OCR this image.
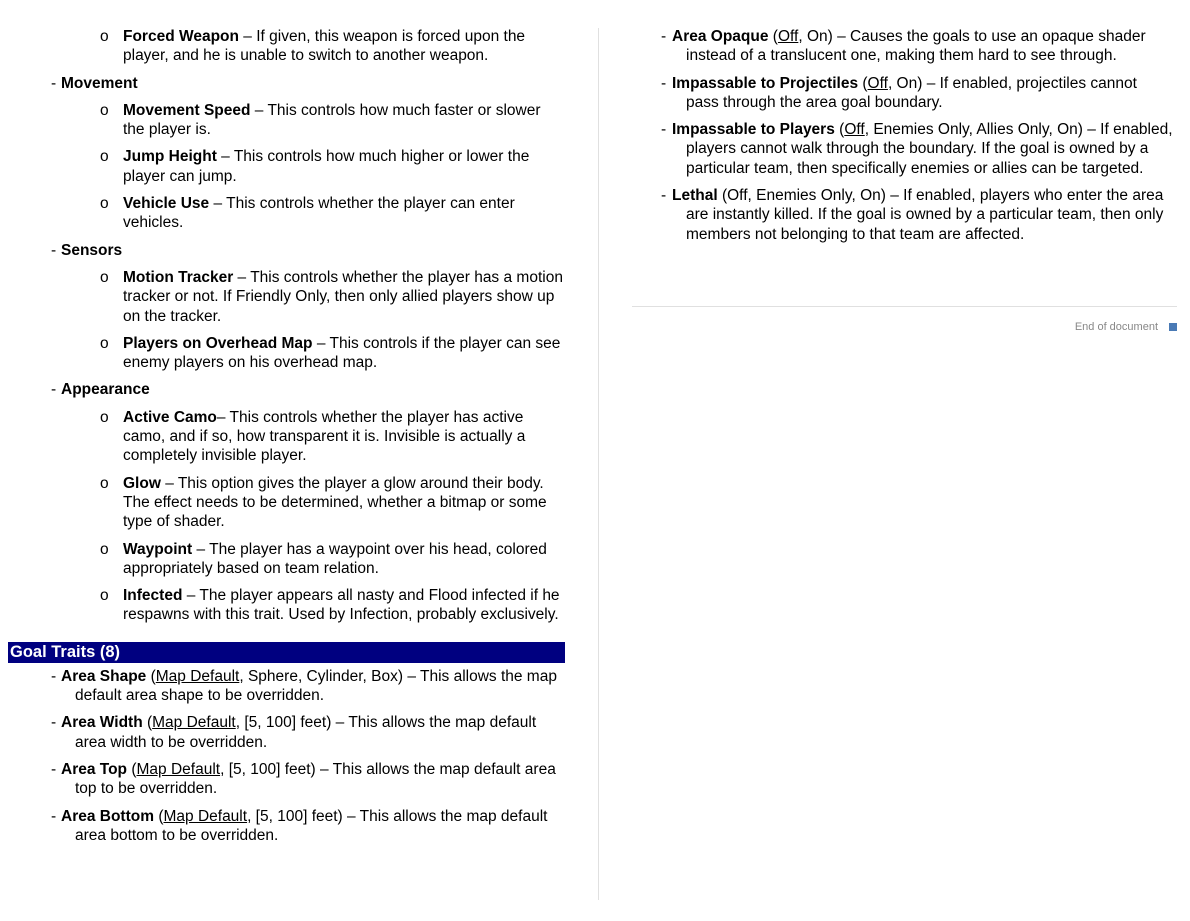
o Forced Weapon – If given, this weapon is forced upon the player, and he is unable to switch to another weapon.
- Movement
o Movement Speed – This controls how much faster or slower the player is.
o Jump Height – This controls how much higher or lower the player can jump.
o Vehicle Use – This controls whether the player can enter vehicles.
- Sensors
o Motion Tracker – This controls whether the player has a motion tracker or not. If Friendly Only, then only allied players show up on the tracker.
o Players on Overhead Map – This controls if the player can see enemy players on his overhead map.
- Appearance
o Active Camo– This controls whether the player has active camo, and if so, how transparent it is. Invisible is actually a completely invisible player.
o Glow – This option gives the player a glow around their body. The effect needs to be determined, whether a bitmap or some type of shader.
o Waypoint – The player has a waypoint over his head, colored appropriately based on team relation.
o Infected – The player appears all nasty and Flood infected if he respawns with this trait. Used by Infection, probably exclusively.
Goal Traits (8)
- Area Shape (Map Default, Sphere, Cylinder, Box) – This allows the map default area shape to be overridden.
- Area Width (Map Default, [5, 100] feet) – This allows the map default area width to be overridden.
- Area Top (Map Default, [5, 100] feet) – This allows the map default area top to be overridden.
- Area Bottom (Map Default, [5, 100] feet) – This allows the map default area bottom to be overridden.
- Area Opaque (Off, On) – Causes the goals to use an opaque shader instead of a translucent one, making them hard to see through.
- Impassable to Projectiles (Off, On) – If enabled, projectiles cannot pass through the area goal boundary.
- Impassable to Players (Off, Enemies Only, Allies Only, On) – If enabled, players cannot walk through the boundary. If the goal is owned by a particular team, then specifically enemies or allies can be targeted.
- Lethal (Off, Enemies Only, On) – If enabled, players who enter the area are instantly killed. If the goal is owned by a particular team, then only members not belonging to that team are affected.
End of document
